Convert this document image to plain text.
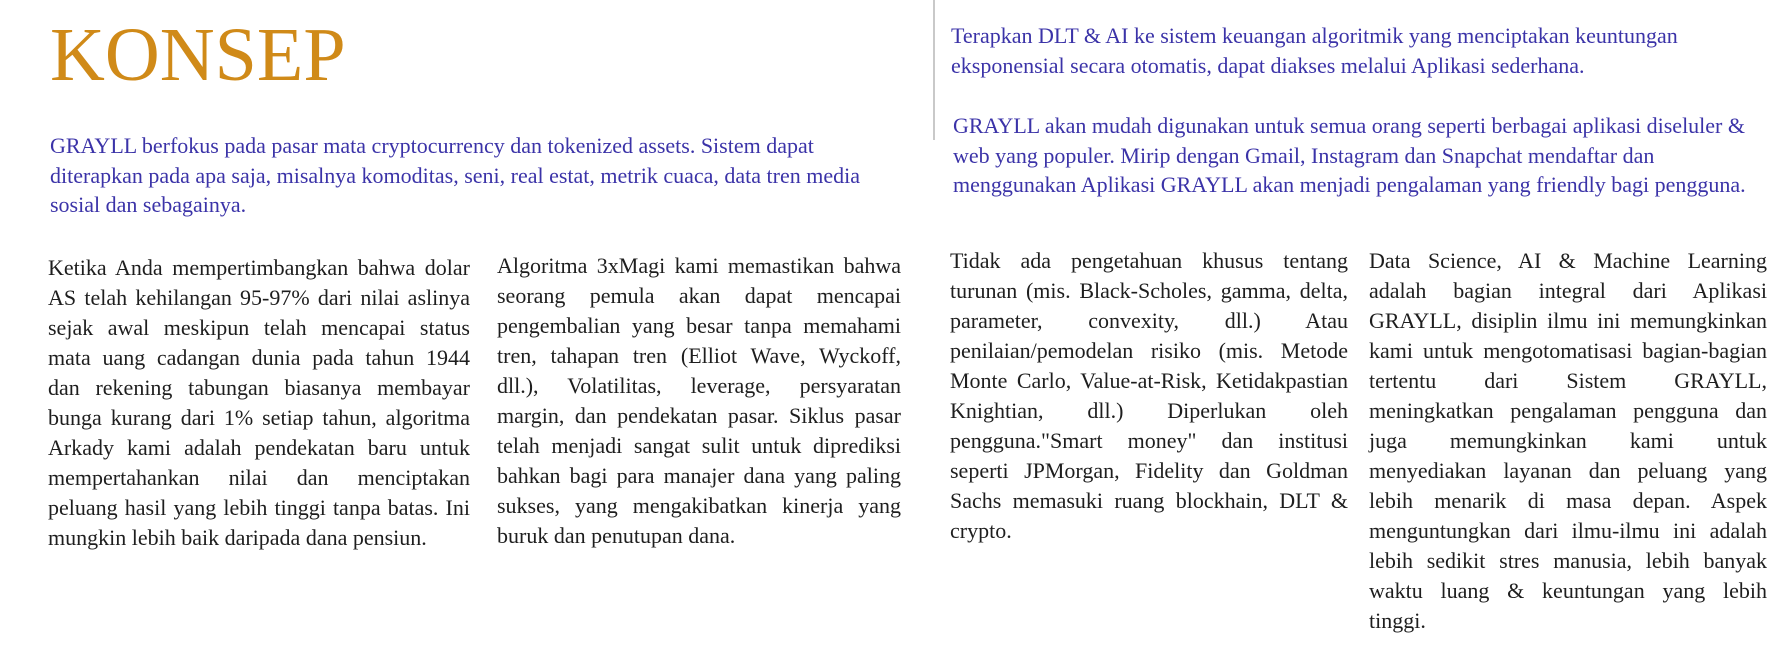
KONSEP

GRAYLL berfokus pada pasar mata cryptocurrency dan tokenized assets. Sistem dapat diterapkan pada apa saja, misalnya komoditas, seni, real estat, metrik cuaca, data tren media sosial dan sebagainya.

Terapkan DLT & AI ke sistem keuangan algoritmik yang menciptakan keuntungan eksponensial secara otomatis, dapat diakses melalui Aplikasi sederhana.

GRAYLL akan mudah digunakan untuk semua orang seperti berbagai aplikasi diseluler & web yang populer. Mirip dengan Gmail, Instagram dan Snapchat mendaftar dan menggunakan Aplikasi GRAYLL akan menjadi pengalaman yang friendly bagi pengguna.

Ketika Anda mempertimbangkan bahwa dolar AS telah kehilangan 95-97% dari nilai aslinya sejak awal meskipun telah mencapai status mata uang cadangan dunia pada tahun 1944 dan rekening tabungan biasanya membayar bunga kurang dari 1% setiap tahun, algoritma Arkady kami adalah pendekatan baru untuk mempertahankan nilai dan menciptakan peluang hasil yang lebih tinggi tanpa batas. Ini mungkin lebih baik daripada dana pensiun.

Algoritma 3xMagi kami memastikan bahwa seorang pemula akan dapat mencapai pengembalian yang besar tanpa memahami tren, tahapan tren (Elliot Wave, Wyckoff, dll.), Volatilitas, leverage, persyaratan margin, dan pendekatan pasar. Siklus pasar telah menjadi sangat sulit untuk diprediksi bahkan bagi para manajer dana yang paling sukses, yang mengakibatkan kinerja yang buruk dan penutupan dana.

Tidak ada pengetahuan khusus tentang turunan (mis. Black-Scholes, gamma, delta, parameter, convexity, dll.) Atau penilaian/pemodelan risiko (mis. Metode Monte Carlo, Value-at-Risk, Ketidakpastian Knightian, dll.) Diperlukan oleh pengguna."Smart money" dan institusi seperti JPMorgan, Fidelity dan Goldman Sachs memasuki ruang blockhain, DLT & crypto.

Data Science, AI & Machine Learning adalah bagian integral dari Aplikasi GRAYLL, disiplin ilmu ini memungkinkan kami untuk mengotomatisasi bagian-bagian tertentu dari Sistem GRAYLL, meningkatkan pengalaman pengguna dan juga memungkinkan kami untuk menyediakan layanan dan peluang yang lebih menarik di masa depan. Aspek menguntungkan dari ilmu-ilmu ini adalah lebih sedikit stres manusia, lebih banyak waktu luang & keuntungan yang lebih tinggi.
